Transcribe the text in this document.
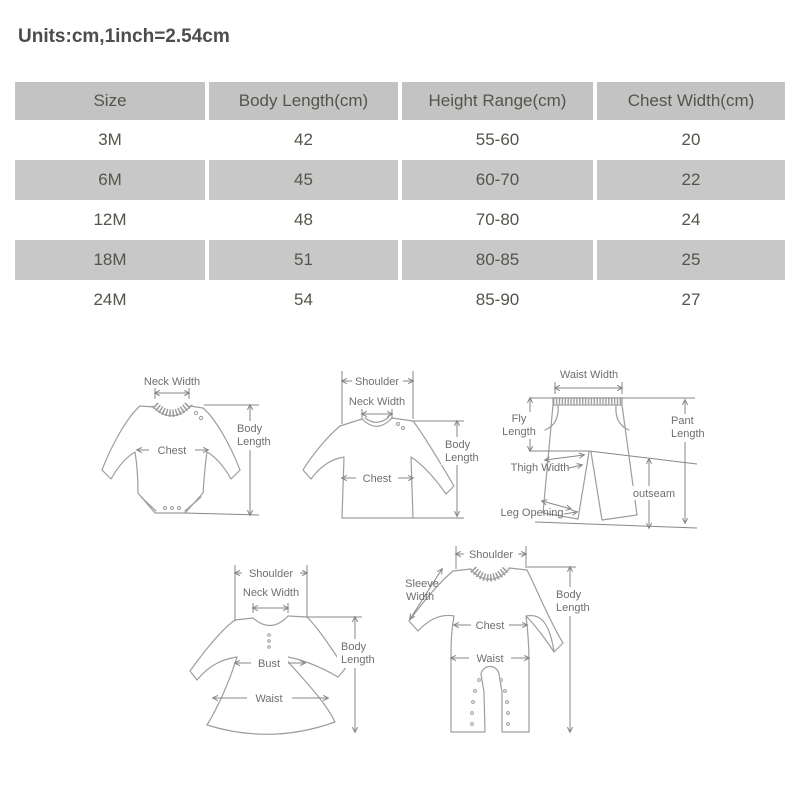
Units:cm,1inch=2.54cm
Size	Body Length(cm)	Height Range(cm)	Chest Width(cm)
3M	42	55-60	20
6M	45	60-70	22
12M	48	70-80	24
18M	51	80-85	25
24M	54	85-90	27
Neck Width
Chest
Body
Length
Shoulder
Neck Width
Chest
Body
Length
Waist Width
Fly
Length
Thigh Width
outseam
Leg Opening
Pant
Length
Shoulder
Neck Width
Bust
Waist
Body
Length
Shoulder
Sleeve
Width
Chest
Waist
Body
Length
